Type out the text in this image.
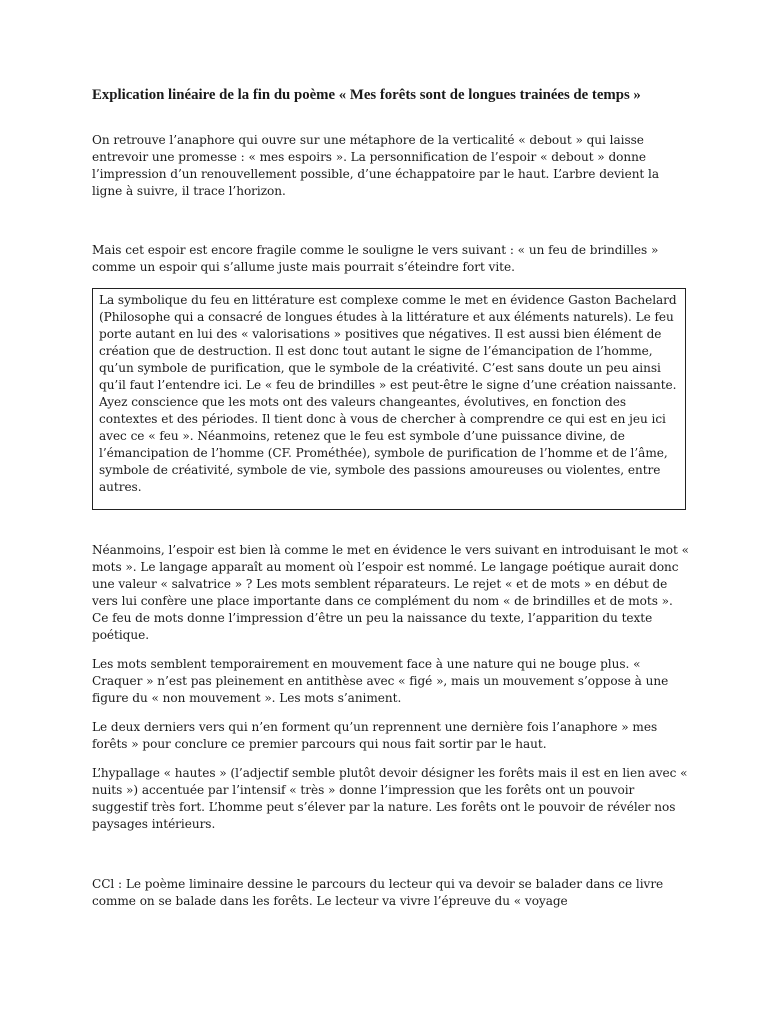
Explication linéaire de la fin du poème « Mes forêts sont de longues trainées de temps »

On retrouve l’anaphore qui ouvre sur une métaphore de la verticalité « debout » qui laisse entrevoir une promesse : « mes espoirs ». La personnification de l’espoir « debout » donne l’impression d’un renouvellement possible, d’une échappatoire par le haut. L’arbre devient la ligne à suivre, il trace l’horizon.

Mais cet espoir est encore fragile comme le souligne le vers suivant : « un feu de brindilles » comme un espoir qui s’allume juste mais pourrait s’éteindre fort vite.

La symbolique du feu en littérature est complexe comme le met en évidence Gaston Bachelard (Philosophe qui a consacré de longues études à la littérature et aux éléments naturels). Le feu porte autant en lui des « valorisations » positives que négatives. Il est aussi bien élément de création que de destruction. Il est donc tout autant le signe de l’émancipation de l’homme, qu’un symbole de purification, que le symbole de la créativité. C’est sans doute un peu ainsi qu’il faut l’entendre ici. Le « feu de brindilles » est peut-être le signe d’une création naissante. Ayez conscience que les mots ont des valeurs changeantes, évolutives, en fonction des contextes et des périodes. Il tient donc à vous de chercher à comprendre ce qui est en jeu ici avec ce « feu ». Néanmoins, retenez que le feu est symbole d’une puissance divine, de l’émancipation de l’homme (CF. Prométhée), symbole de purification de l’homme et de l’âme, symbole de créativité, symbole de vie, symbole des passions amoureuses ou violentes, entre autres.

Néanmoins, l’espoir est bien là comme le met en évidence le vers suivant en introduisant le mot « mots ». Le langage apparaît au moment où l’espoir est nommé. Le langage poétique aurait donc une valeur « salvatrice » ? Les mots semblent réparateurs. Le rejet « et de mots » en début de vers lui confère une place importante dans ce complément du nom « de brindilles et de mots ». Ce feu de mots donne l’impression d’être un peu la naissance du texte, l’apparition du texte poétique.

Les mots semblent temporairement en mouvement face à une nature qui ne bouge plus. « Craquer » n’est pas pleinement en antithèse avec « figé », mais un mouvement s’oppose à une figure du « non mouvement ». Les mots s’animent.

Le deux derniers vers qui n’en forment qu’un reprennent une dernière fois l’anaphore » mes forêts » pour conclure ce premier parcours qui nous fait sortir par le haut.

L’hypallage « hautes » (l’adjectif semble plutôt devoir désigner les forêts mais il est en lien avec « nuits ») accentuée par l’intensif « très » donne l’impression que les forêts ont un pouvoir suggestif très fort. L’homme peut s’élever par la nature. Les forêts ont le pouvoir de révéler nos paysages intérieurs.

CCl : Le poème liminaire dessine le parcours du lecteur qui va devoir se balader dans ce livre comme on se balade dans les forêts. Le lecteur va vivre l’épreuve du « voyage
